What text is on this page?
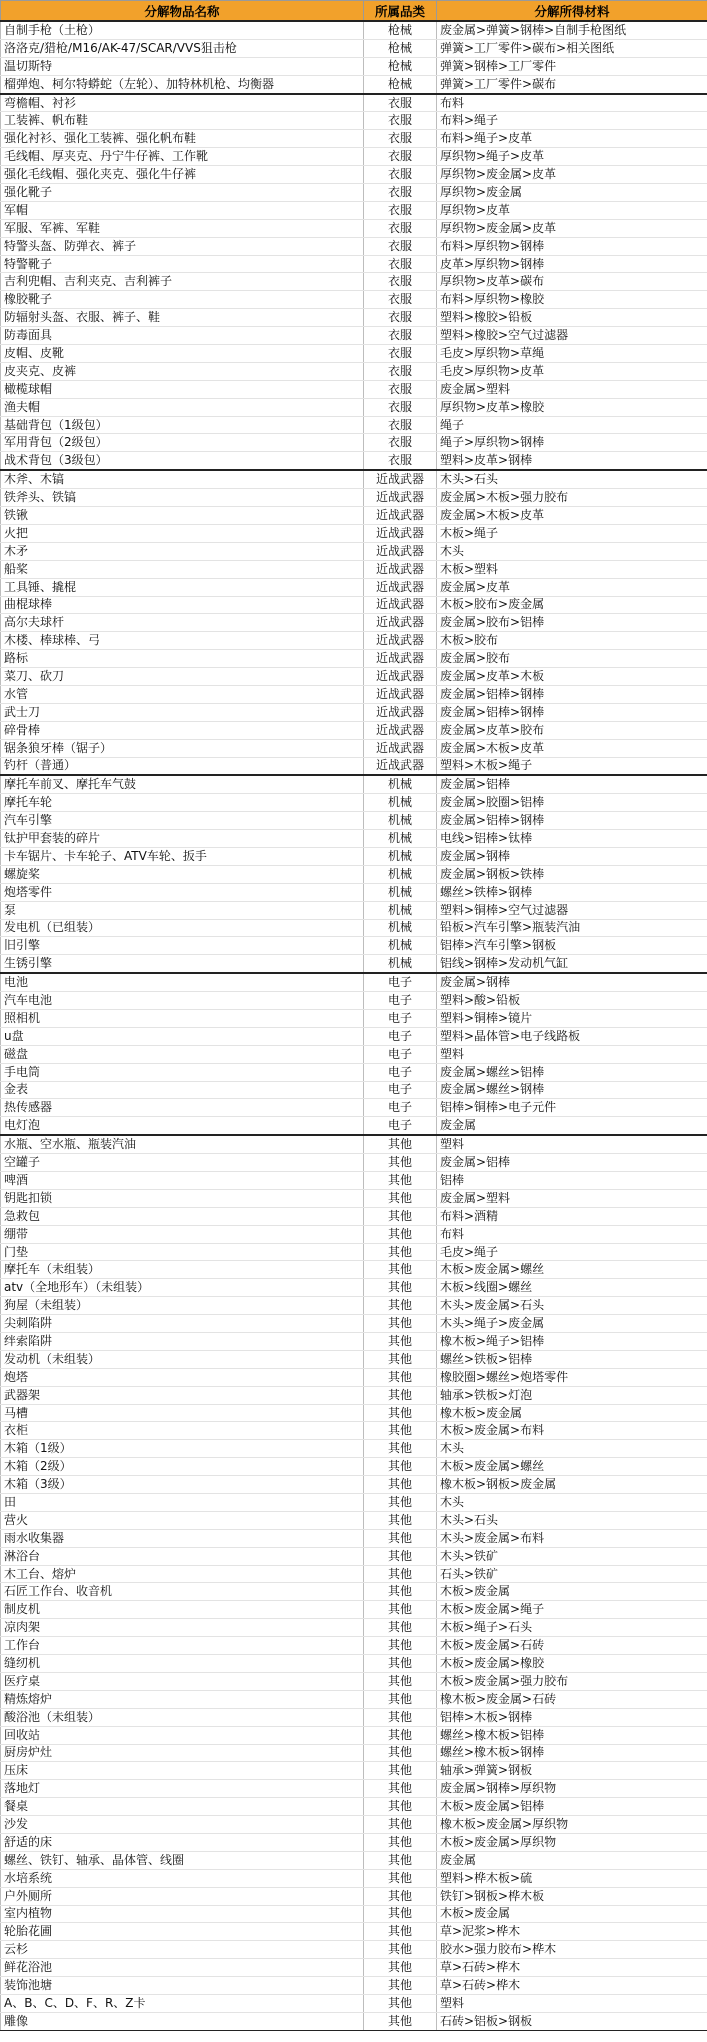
分解物品名称	所属品类	分解所得材料
自制手枪（土枪）	枪械	废金属>弹簧>钢棒>自制手枪图纸
洛洛克/猎枪/M16/AK-47/SCAR/VVS狙击枪	枪械	弹簧>工厂零件>碳布>相关图纸
温切斯特	枪械	弹簧>钢棒>工厂零件
榴弹炮、柯尔特蟒蛇（左轮）、加特林机枪、均衡器	枪械	弹簧>工厂零件>碳布
弯檐帽、衬衫	衣服	布料
工装裤、帆布鞋	衣服	布料>绳子
强化衬衫、强化工装裤、强化帆布鞋	衣服	布料>绳子>皮革
毛线帽、厚夹克、丹宁牛仔裤、工作靴	衣服	厚织物>绳子>皮革
强化毛线帽、强化夹克、强化牛仔裤	衣服	厚织物>废金属>皮革
强化靴子	衣服	厚织物>废金属
军帽	衣服	厚织物>皮革
军服、军裤、军鞋	衣服	厚织物>废金属>皮革
特警头盔、防弹衣、裤子	衣服	布料>厚织物>钢棒
特警靴子	衣服	皮革>厚织物>钢棒
吉利兜帽、吉利夹克、吉利裤子	衣服	厚织物>皮革>碳布
橡胶靴子	衣服	布料>厚织物>橡胶
防辐射头盔、衣服、裤子、鞋	衣服	塑料>橡胶>铅板
防毒面具	衣服	塑料>橡胶>空气过滤器
皮帽、皮靴	衣服	毛皮>厚织物>草绳
皮夹克、皮裤	衣服	毛皮>厚织物>皮革
橄榄球帽	衣服	废金属>塑料
渔夫帽	衣服	厚织物>皮革>橡胶
基础背包（1级包）	衣服	绳子
军用背包（2级包）	衣服	绳子>厚织物>钢棒
战术背包（3级包）	衣服	塑料>皮革>钢棒
木斧、木镐	近战武器	木头>石头
铁斧头、铁镐	近战武器	废金属>木板>强力胶布
铁锹	近战武器	废金属>木板>皮革
火把	近战武器	木板>绳子
木矛	近战武器	木头
船桨	近战武器	木板>塑料
工具锤、撬棍	近战武器	废金属>皮革
曲棍球棒	近战武器	木板>胶布>废金属
高尔夫球杆	近战武器	废金属>胶布>铝棒
木楼、棒球棒、弓	近战武器	木板>胶布
路标	近战武器	废金属>胶布
菜刀、砍刀	近战武器	废金属>皮革>木板
水管	近战武器	废金属>铝棒>钢棒
武士刀	近战武器	废金属>铝棒>钢棒
碎骨棒	近战武器	废金属>皮革>胶布
锯条狼牙棒（锯子）	近战武器	废金属>木板>皮革
钓杆（普通）	近战武器	塑料>木板>绳子
摩托车前叉、摩托车气鼓	机械	废金属>铝棒
摩托车轮	机械	废金属>胶圈>铝棒
汽车引擎	机械	废金属>铝棒>钢棒
钛护甲套装的碎片	机械	电线>铝棒>钛棒
卡车锯片、卡车轮子、ATV车轮、扳手	机械	废金属>钢棒
螺旋桨	机械	废金属>钢板>铁棒
炮塔零件	机械	螺丝>铁棒>钢棒
泵	机械	塑料>铜棒>空气过滤器
发电机（已组装）	机械	铅板>汽车引擎>瓶装汽油
旧引擎	机械	铝棒>汽车引擎>钢板
生锈引擎	机械	铝线>钢棒>发动机气缸
电池	电子	废金属>钢棒
汽车电池	电子	塑料>酸>铅板
照相机	电子	塑料>铜棒>镜片
u盘	电子	塑料>晶体管>电子线路板
磁盘	电子	塑料
手电筒	电子	废金属>螺丝>铝棒
金表	电子	废金属>螺丝>钢棒
热传感器	电子	铝棒>铜棒>电子元件
电灯泡	电子	废金属
水瓶、空水瓶、瓶装汽油	其他	塑料
空罐子	其他	废金属>铝棒
啤酒	其他	铝棒
钥匙扣锁	其他	废金属>塑料
急救包	其他	布料>酒精
绷带	其他	布料
门垫	其他	毛皮>绳子
摩托车（未组装）	其他	木板>废金属>螺丝
atv（全地形车）（未组装）	其他	木板>线圈>螺丝
狗屋（未组装）	其他	木头>废金属>石头
尖刺陷阱	其他	木头>绳子>废金属
绊索陷阱	其他	橡木板>绳子>铝棒
发动机（未组装）	其他	螺丝>铁板>铝棒
炮塔	其他	橡胶圈>螺丝>炮塔零件
武器架	其他	轴承>铁板>灯泡
马槽	其他	橡木板>废金属
衣柜	其他	木板>废金属>布料
木箱（1级）	其他	木头
木箱（2级）	其他	木板>废金属>螺丝
木箱（3级）	其他	橡木板>钢板>废金属
田	其他	木头
营火	其他	木头>石头
雨水收集器	其他	木头>废金属>布料
淋浴台	其他	木头>铁矿
木工台、熔炉	其他	石头>铁矿
石匠工作台、收音机	其他	木板>废金属
制皮机	其他	木板>废金属>绳子
凉肉架	其他	木板>绳子>石头
工作台	其他	木板>废金属>石砖
缝纫机	其他	木板>废金属>橡胶
医疗桌	其他	木板>废金属>强力胶布
精炼熔炉	其他	橡木板>废金属>石砖
酸浴池（未组装）	其他	铝棒>木板>钢棒
回收站	其他	螺丝>橡木板>铝棒
厨房炉灶	其他	螺丝>橡木板>钢棒
压床	其他	轴承>弹簧>钢板
落地灯	其他	废金属>钢棒>厚织物
餐桌	其他	木板>废金属>铝棒
沙发	其他	橡木板>废金属>厚织物
舒适的床	其他	木板>废金属>厚织物
螺丝、铁钉、轴承、晶体管、线圈	其他	废金属
水培系统	其他	塑料>桦木板>硫
户外厕所	其他	铁钉>钢板>桦木板
室内植物	其他	木板>废金属
轮胎花圃	其他	草>泥浆>桦木
云杉	其他	胶水>强力胶布>桦木
鲜花浴池	其他	草>石砖>桦木
装饰池塘	其他	草>石砖>桦木
A、B、C、D、F、R、Z卡	其他	塑料
雕像	其他	石砖>铝板>钢板
